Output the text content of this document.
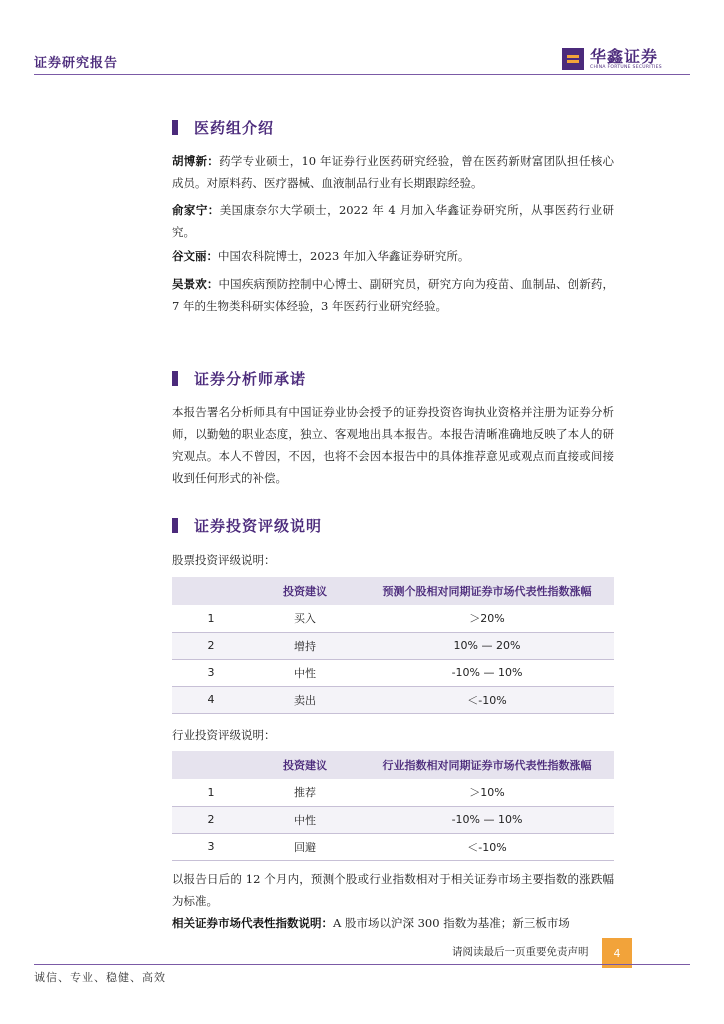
证券研究报告	华鑫证券
CHINA FORTUNE SECURITIES
医药组介绍
胡博新：药学专业硕士，10 年证券行业医药研究经验，曾在医药新财富团队担任核心成员。对原料药、医疗器械、血液制品行业有长期跟踪经验。
俞家宁：美国康奈尔大学硕士，2022 年 4 月加入华鑫证券研究所，从事医药行业研究。
谷文丽：中国农科院博士，2023 年加入华鑫证券研究所。
吴景欢：中国疾病预防控制中心博士、副研究员，研究方向为疫苗、血制品、创新药，7 年的生物类科研实体经验，3 年医药行业研究经验。
证券分析师承诺
本报告署名分析师具有中国证券业协会授予的证券投资咨询执业资格并注册为证券分析师，以勤勉的职业态度，独立、客观地出具本报告。本报告清晰准确地反映了本人的研究观点。本人不曾因，不因，也将不会因本报告中的具体推荐意见或观点而直接或间接收到任何形式的补偿。
证券投资评级说明
股票投资评级说明：
	投资建议	预测个股相对同期证券市场代表性指数涨幅
1	买入	＞20%
2	增持	10% — 20%
3	中性	-10% — 10%
4	卖出	＜-10%
行业投资评级说明：
	投资建议	行业指数相对同期证券市场代表性指数涨幅
1	推荐	＞10%
2	中性	-10% — 10%
3	回避	＜-10%
以报告日后的 12 个月内，预测个股或行业指数相对于相关证券市场主要指数的涨跌幅为标准。
相关证券市场代表性指数说明：A 股市场以沪深 300 指数为基准；新三板市场
请阅读最后一页重要免责声明	4
诚信、专业、稳健、高效
